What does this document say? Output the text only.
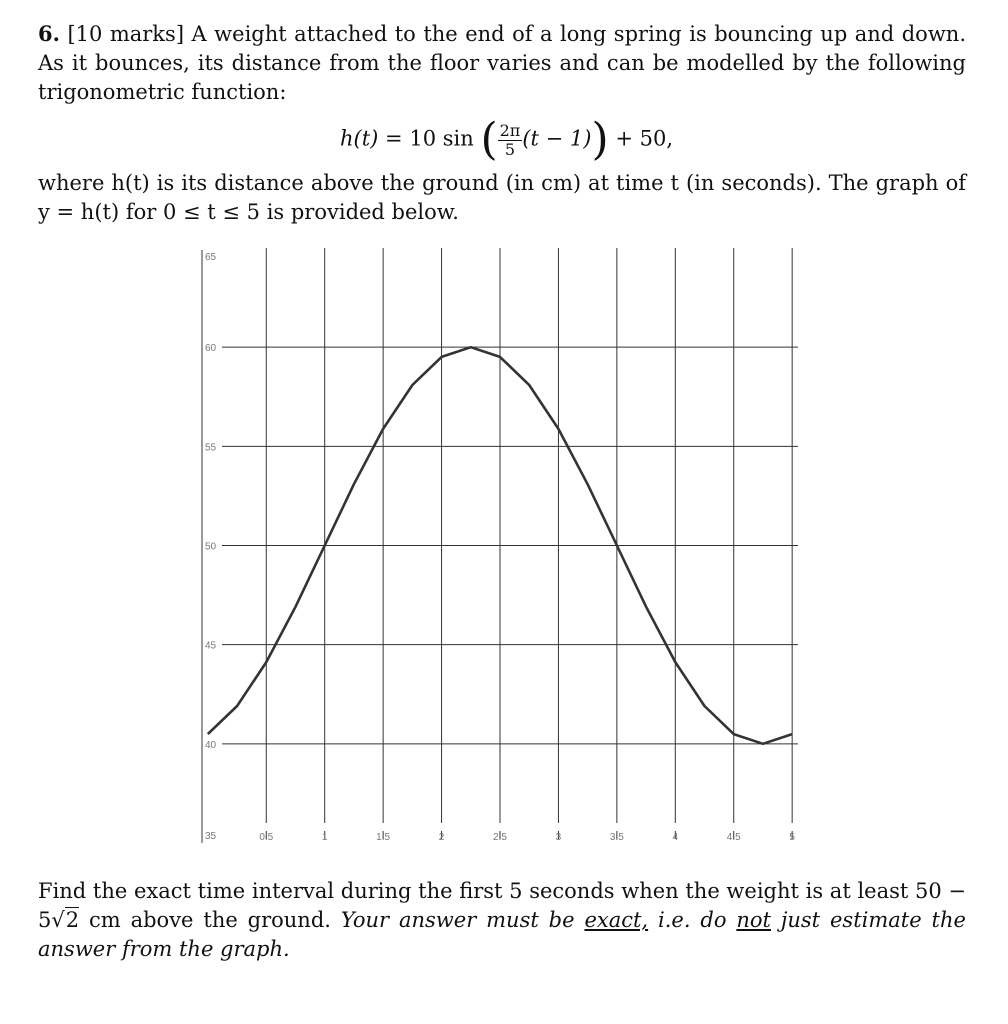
6. [10 marks] A weight attached to the end of a long spring is bouncing up and down. As it bounces, its distance from the floor varies and can be modelled by the following trigonometric function:

h(t) = 10 sin ( $\frac{2\pi}{5} (t - 1)) + 50$,

where h(t) is its distance above the ground (in cm) at time t (in seconds). The graph of y = h(t) for 0 ≤ t ≤ 5 is provided below.

0.5	1	1.5	2	2.5	3	3.5	4	4.5	5
35
40
45
50
55
60
65

Find the exact time interval during the first 5 seconds when the weight is at least 50 − 5√2 cm above the ground. Your answer must be exact, i.e. do not just estimate the answer from the graph.
